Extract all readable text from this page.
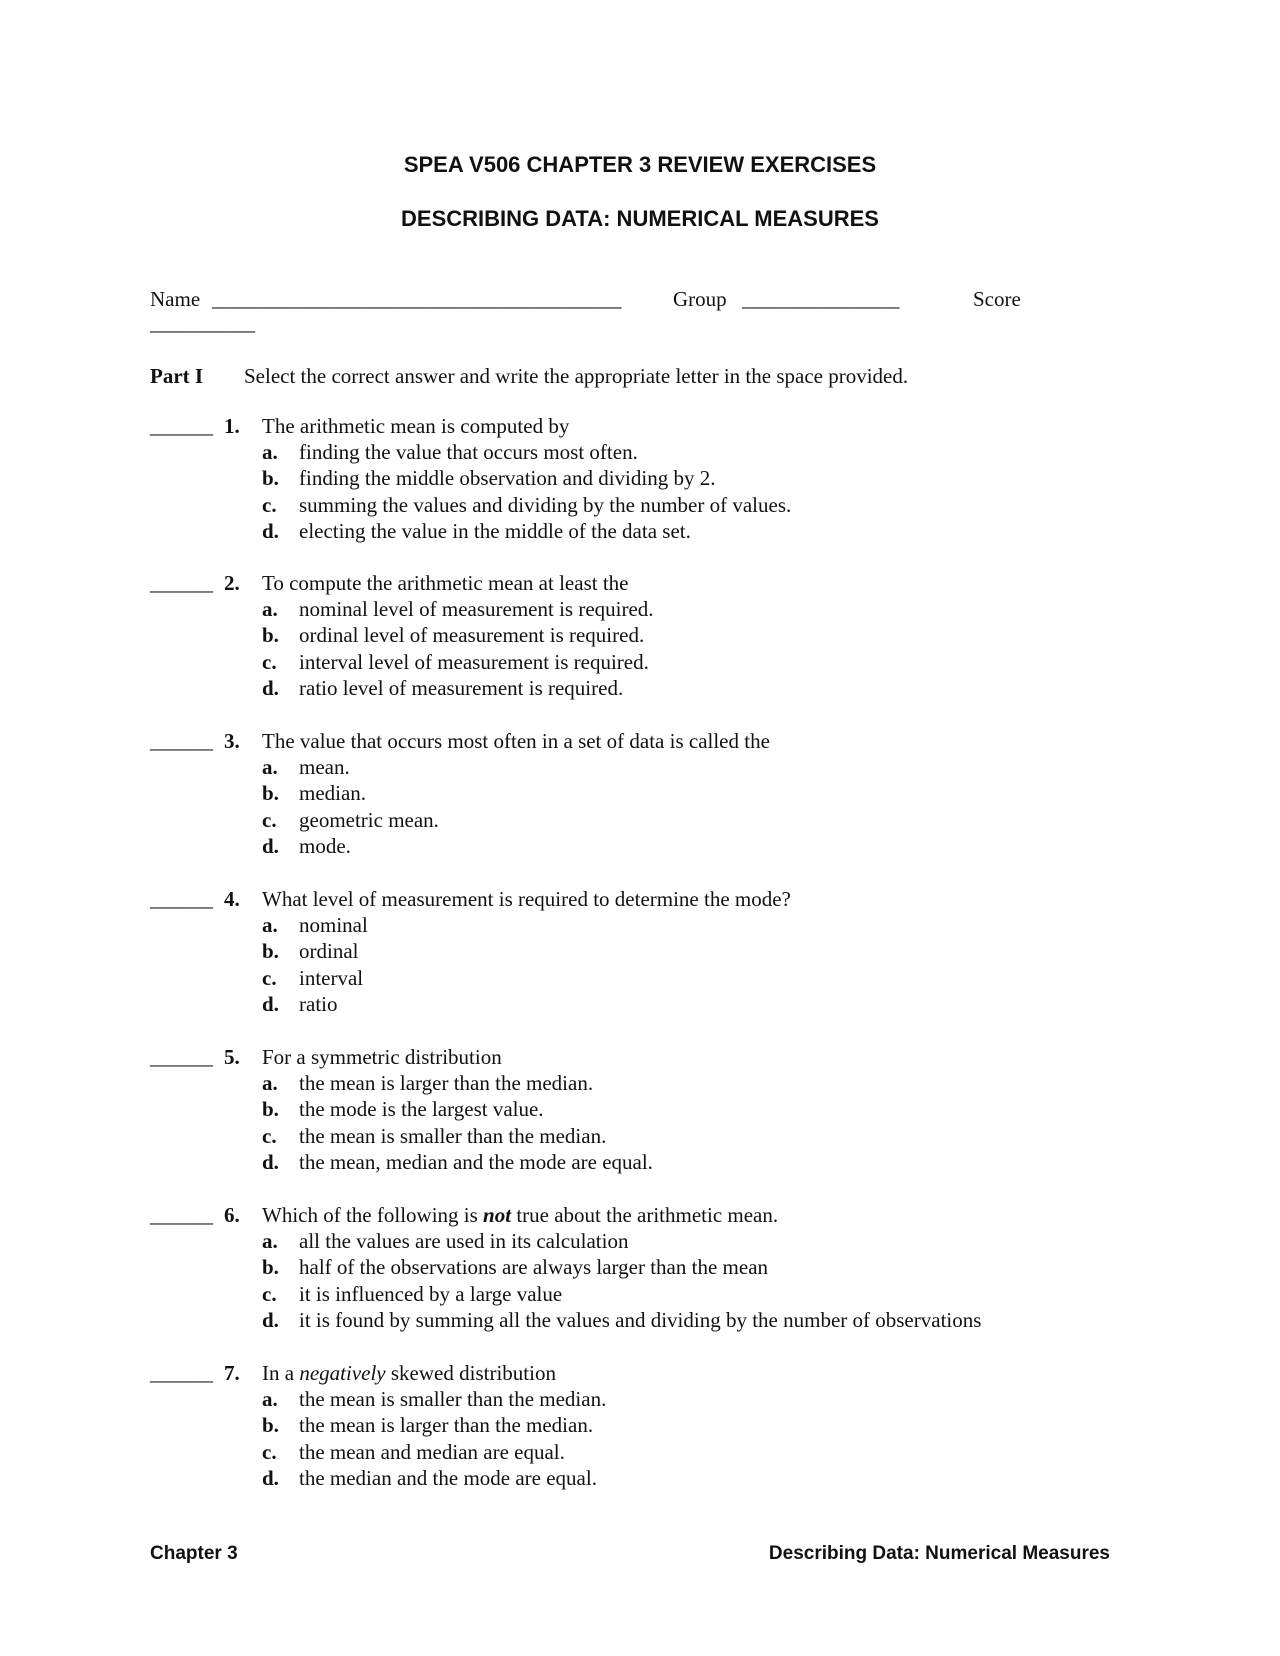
SPEA V506 CHAPTER 3 REVIEW EXERCISES
DESCRIBING DATA: NUMERICAL MEASURES
Name _______________________________________ Group _______________	Score
__________
Part I Select the correct answer and write the appropriate letter in the space provided.
______ 1. The arithmetic mean is computed by
a. finding the value that occurs most often.
b. finding the middle observation and dividing by 2.
c. summing the values and dividing by the number of values.
d. electing the value in the middle of the data set.
______ 2. To compute the arithmetic mean at least the
a. nominal level of measurement is required.
b. ordinal level of measurement is required.
c. interval level of measurement is required.
d. ratio level of measurement is required.
______ 3. The value that occurs most often in a set of data is called the
a. mean.
b. median.
c. geometric mean.
d. mode.
______ 4. What level of measurement is required to determine the mode?
a. nominal
b. ordinal
c. interval
d. ratio
______ 5. For a symmetric distribution
a. the mean is larger than the median.
b. the mode is the largest value.
c. the mean is smaller than the median.
d. the mean, median and the mode are equal.
______ 6. Which of the following is not true about the arithmetic mean.
a. all the values are used in its calculation
b. half of the observations are always larger than the mean
c. it is influenced by a large value
d. it is found by summing all the values and dividing by the number of observations
______ 7. In a negatively skewed distribution
a. the mean is smaller than the median.
b. the mean is larger than the median.
c. the mean and median are equal.
d. the median and the mode are equal.
Chapter 3	Describing Data: Numerical Measures
